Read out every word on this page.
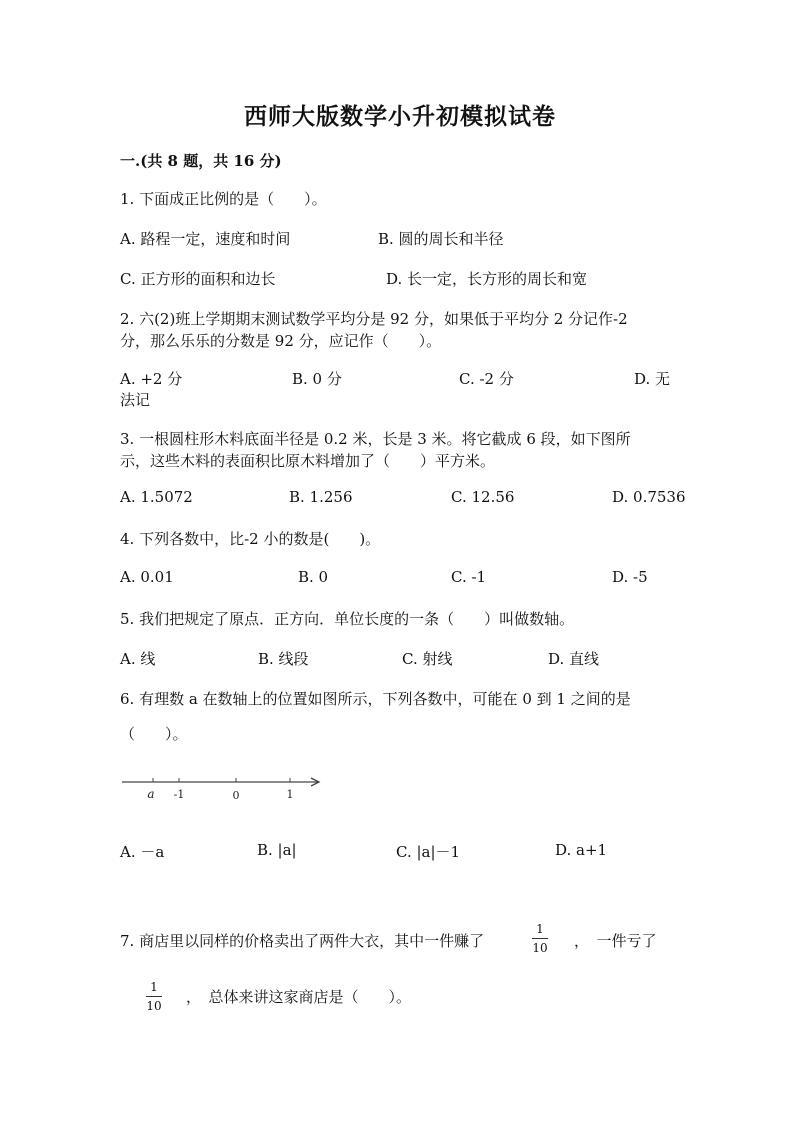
西师大版数学小升初模拟试卷
一.(共 8 题，共 16 分)
1. 下面成正比例的是（　　）。
A. 路程一定，速度和时间	B. 圆的周长和半径
C. 正方形的面积和边长	D. 长一定，长方形的周长和宽
2. 六(2)班上学期期末测试数学平均分是 92 分，如果低于平均分 2 分记作-2
分，那么乐乐的分数是 92 分，应记作（　　）。
A. +2 分	B. 0 分	C. -2 分	D. 无
法记
3. 一根圆柱形木料底面半径是 0.2 米，长是 3 米。将它截成 6 段，如下图所
示，这些木料的表面积比原木料增加了（　　）平方米。
A. 1.5072	B. 1.256	C. 12.56	D. 0.7536
4. 下列各数中，比-2 小的数是(　　)。
A. 0.01	B. 0	C. -1	D. -5
5. 我们把规定了原点．正方向．单位长度的一条（　　）叫做数轴。
A. 线	B. 线段	C. 射线	D. 直线
6. 有理数 a 在数轴上的位置如图所示，下列各数中，可能在 0 到 1 之间的是
（　　）。
a -1	0	1
A. －a	B. |a|	C. |a|－1	D. a+1
7. 商店里以同样的价格卖出了两件大衣，其中一件赚了
1
10 ，　一件亏了
1
10 ，　总体来讲这家商店是（　　）。
